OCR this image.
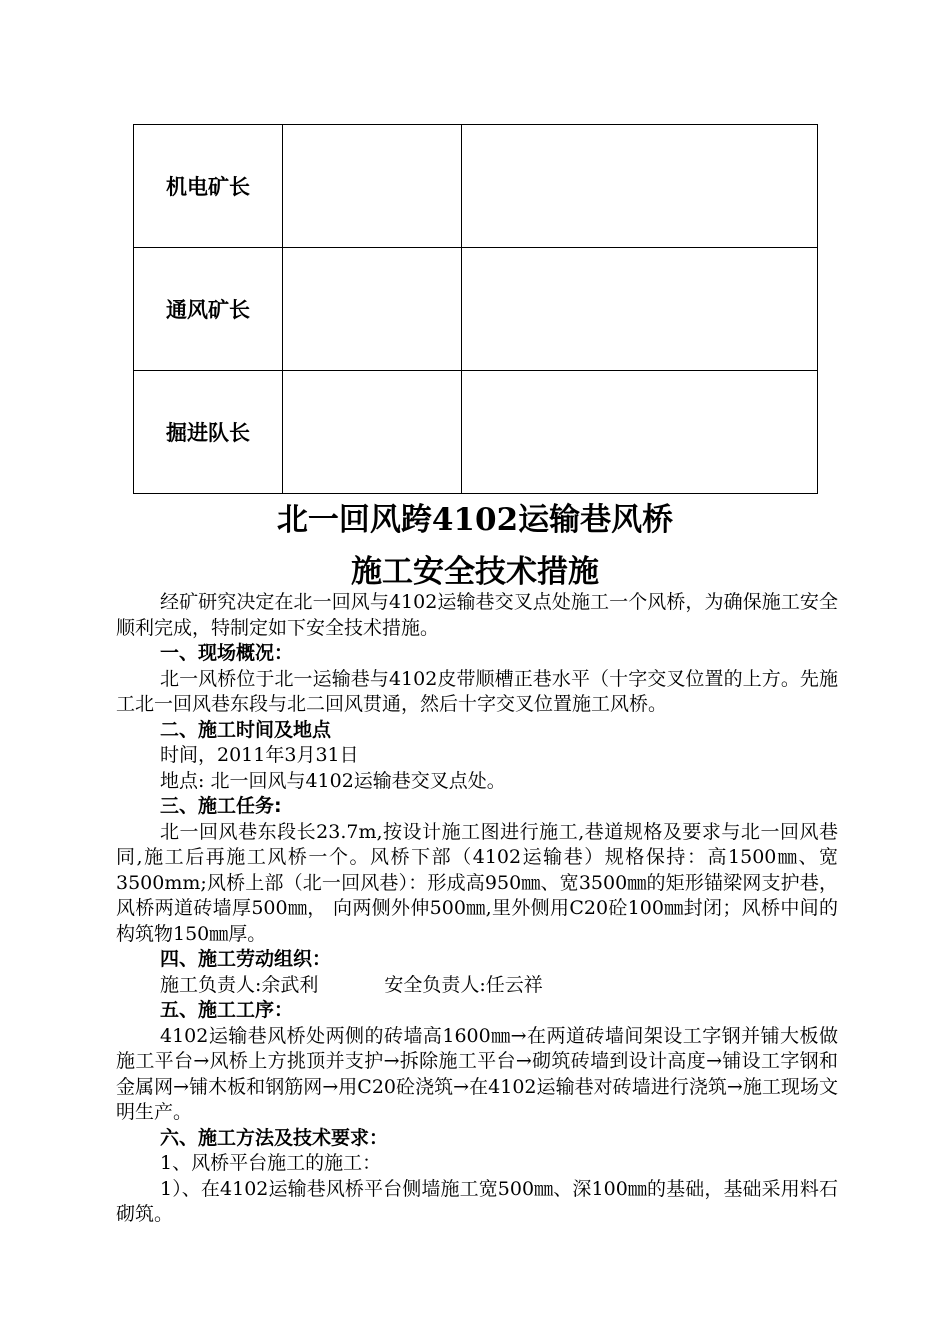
机电矿长		
通风矿长		
掘进队长		
北一回风跨4102运输巷风桥
施工安全技术措施

经矿研究决定在北一回风与4102运输巷交叉点处施工一个风桥，为确保施工安全顺利完成，特制定如下安全技术措施。

一、现场概况：

北一风桥位于北一运输巷与4102皮带顺槽正巷水平（十字交叉位置的上方。先施工北一回风巷东段与北二回风贯通，然后十字交叉位置施工风桥。

二、施工时间及地点

时间，2011年3月31日

地点: 北一回风与4102运输巷交叉点处。

三、施工任务:

北一回风巷东段长23.7m,按设计施工图进行施工,巷道规格及要求与北一回风巷同,施工后再施工风桥一个。风桥下部（4102运输巷）规格保持：高1500㎜、宽3500mm;风桥上部（北一回风巷）：形成高950㎜、宽3500㎜的矩形锚梁网支护巷，风桥两道砖墙厚500㎜， 向两侧外伸500㎜,里外侧用C20砼100㎜封闭；风桥中间的构筑物150㎜厚。

四、施工劳动组织：

施工负责人:余武利	安全负责人:任云祥

五、施工工序：

4102运输巷风桥处两侧的砖墙高1600㎜→在两道砖墙间架设工字钢并铺大板做施工平台→风桥上方挑顶并支护→拆除施工平台→砌筑砖墙到设计高度→铺设工字钢和金属网→铺木板和钢筋网→用C20砼浇筑→在4102运输巷对砖墙进行浇筑→施工现场文明生产。

六、施工方法及技术要求：

1、风桥平台施工的施工：

1）、在4102运输巷风桥平台侧墙施工宽500㎜、深100㎜的基础，基础采用料石砌筑。
